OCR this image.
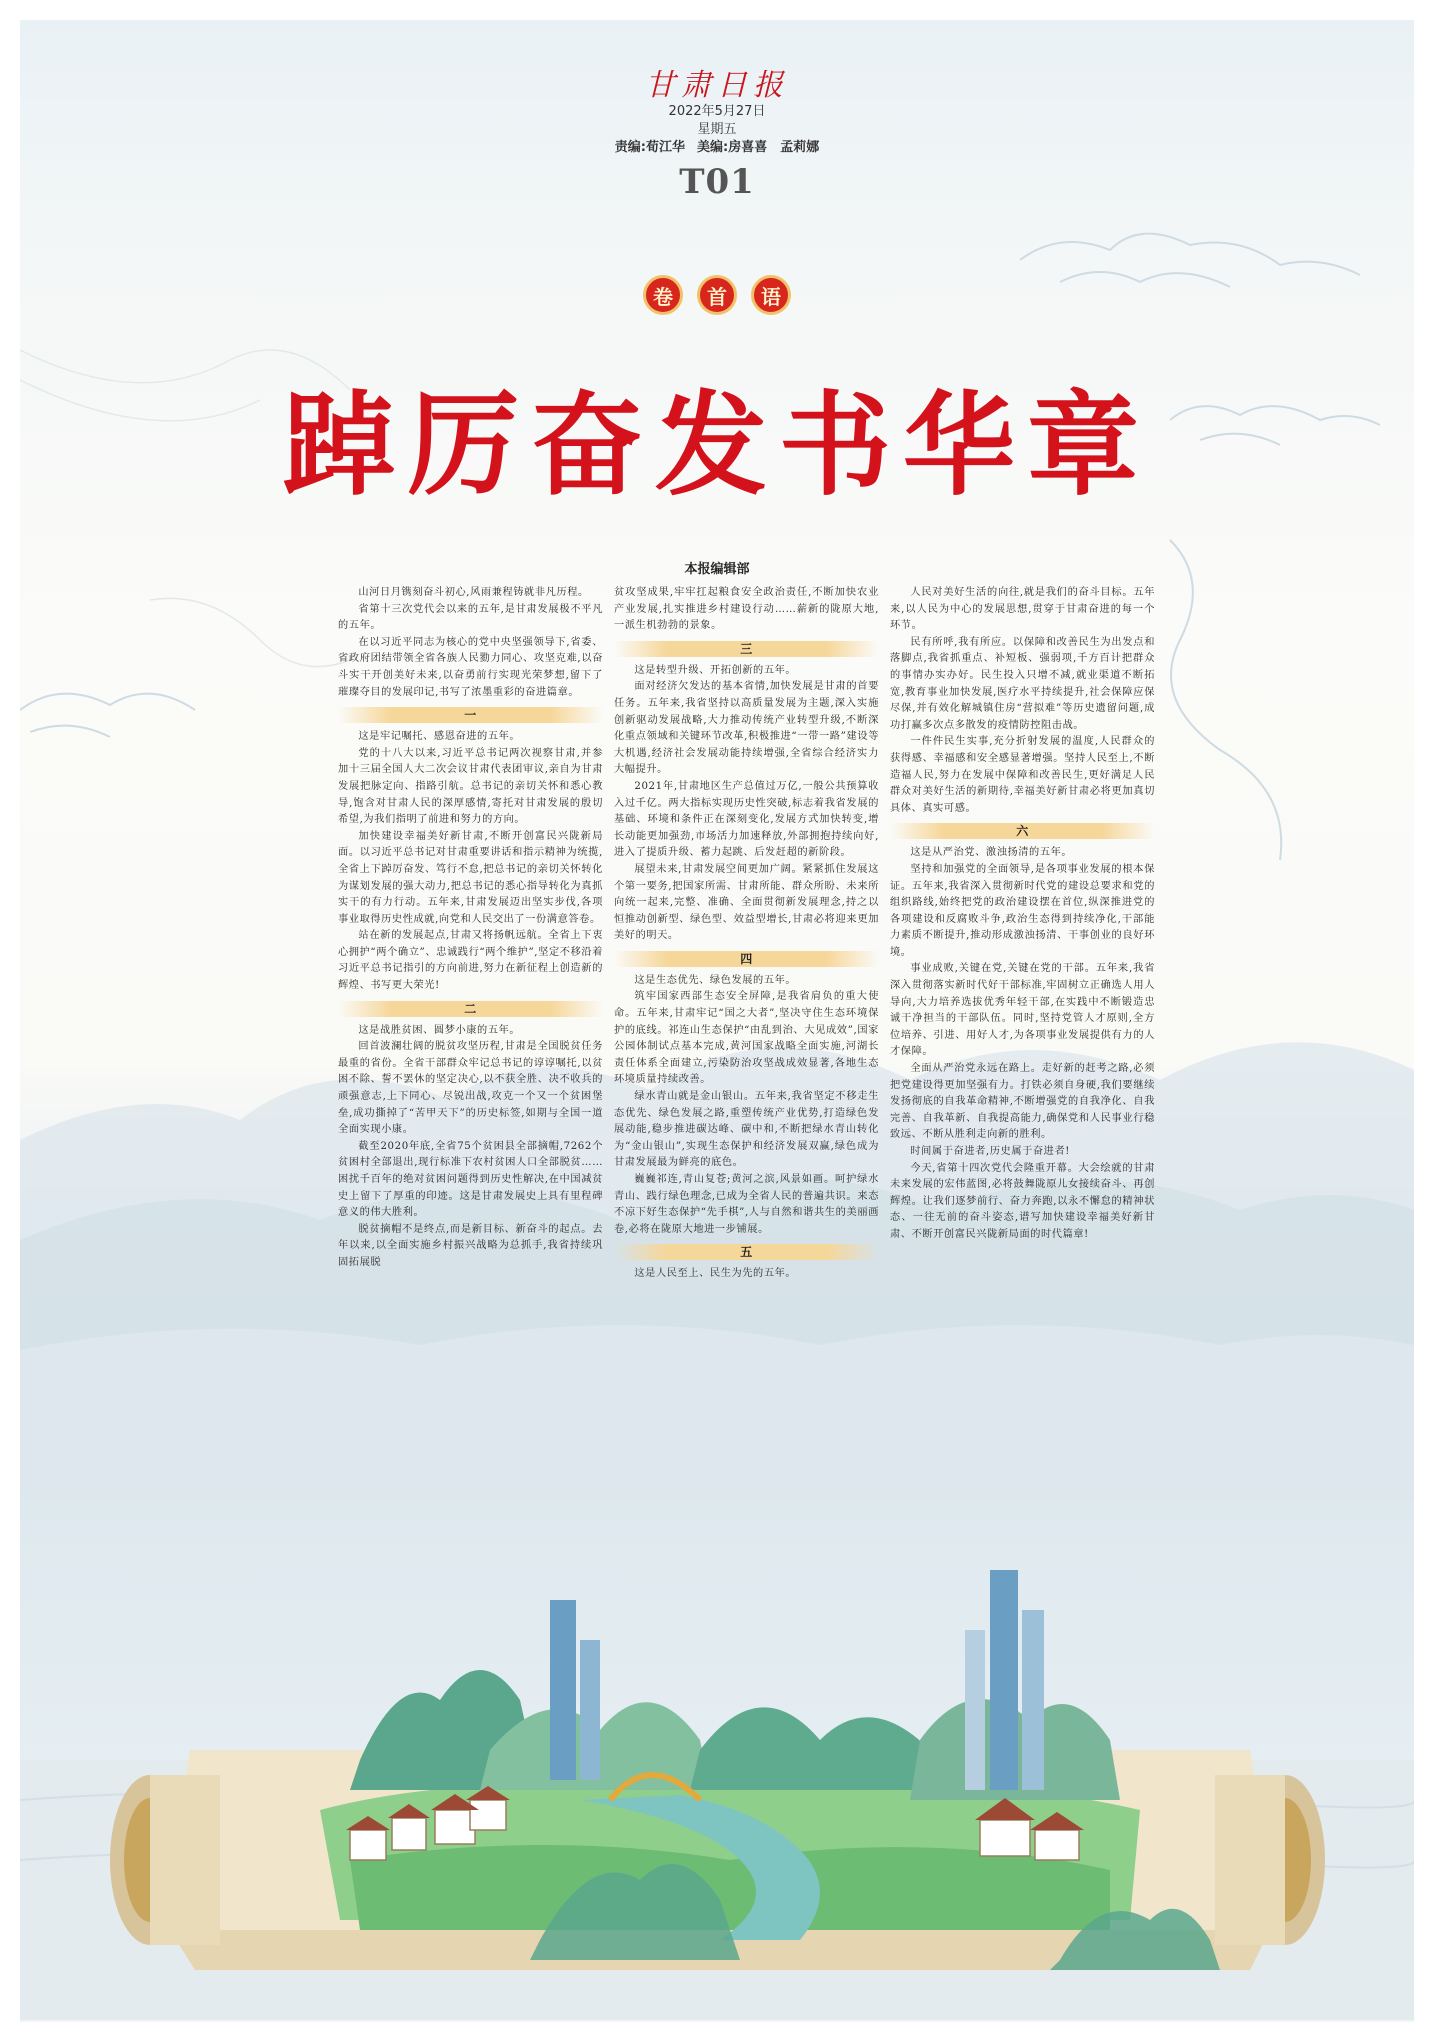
甘肃日报
2022年5月27日
星期五
责编:荀江华 美编:房喜喜　孟莉娜
T01
卷	首	语
踔厉奋发书华章
本报编辑部

山河日月镌刻奋斗初心,风雨兼程铸就非凡历程。

省第十三次党代会以来的五年,是甘肃发展极不平凡的五年。

在以习近平同志为核心的党中央坚强领导下,省委、省政府团结带领全省各族人民勠力同心、攻坚克难,以奋斗实干开创美好未来,以奋勇前行实现光荣梦想,留下了璀璨夺目的发展印记,书写了浓墨重彩的奋进篇章。

一

这是牢记嘱托、感恩奋进的五年。

党的十八大以来,习近平总书记两次视察甘肃,并参加十三届全国人大二次会议甘肃代表团审议,亲自为甘肃发展把脉定向、指路引航。总书记的亲切关怀和悉心教导,饱含对甘肃人民的深厚感情,寄托对甘肃发展的殷切希望,为我们指明了前进和努力的方向。

加快建设幸福美好新甘肃,不断开创富民兴陇新局面。以习近平总书记对甘肃重要讲话和指示精神为统揽,全省上下踔厉奋发、笃行不怠,把总书记的亲切关怀转化为谋划发展的强大动力,把总书记的悉心指导转化为真抓实干的有力行动。五年来,甘肃发展迈出坚实步伐,各项事业取得历史性成就,向党和人民交出了一份满意答卷。

站在新的发展起点,甘肃又将扬帆远航。全省上下衷心拥护“两个确立”、忠诚践行“两个维护”,坚定不移沿着习近平总书记指引的方向前进,努力在新征程上创造新的辉煌、书写更大荣光!

二

这是战胜贫困、圆梦小康的五年。

回首波澜壮阔的脱贫攻坚历程,甘肃是全国脱贫任务最重的省份。全省干部群众牢记总书记的谆谆嘱托,以贫困不除、誓不罢休的坚定决心,以不获全胜、决不收兵的顽强意志,上下同心、尽锐出战,攻克一个又一个贫困堡垒,成功撕掉了“苦甲天下”的历史标签,如期与全国一道全面实现小康。

截至2020年底,全省75个贫困县全部摘帽,7262个贫困村全部退出,现行标准下农村贫困人口全部脱贫……困扰千百年的绝对贫困问题得到历史性解决,在中国减贫史上留下了厚重的印迹。这是甘肃发展史上具有里程碑意义的伟大胜利。

脱贫摘帽不是终点,而是新目标、新奋斗的起点。去年以来,以全面实施乡村振兴战略为总抓手,我省持续巩固拓展脱

贫攻坚成果,牢牢扛起粮食安全政治责任,不断加快农业产业发展,扎实推进乡村建设行动……薪新的陇原大地,一派生机勃勃的景象。

三

这是转型升级、开拓创新的五年。

面对经济欠发达的基本省情,加快发展是甘肃的首要任务。五年来,我省坚持以高质量发展为主题,深入实施创新驱动发展战略,大力推动传统产业转型升级,不断深化重点领域和关键环节改革,积极推进“一带一路”建设等大机遇,经济社会发展动能持续增强,全省综合经济实力大幅提升。

2021年,甘肃地区生产总值过万亿,一般公共预算收入过千亿。两大指标实现历史性突破,标志着我省发展的基础、环境和条件正在深刻变化,发展方式加快转变,增长动能更加强劲,市场活力加速释放,外部拥抱持续向好,进入了提质升级、蓄力起跳、后发赶超的新阶段。

展望未来,甘肃发展空间更加广阔。紧紧抓住发展这个第一要务,把国家所需、甘肃所能、群众所盼、未来所向统一起来,完整、准确、全面贯彻新发展理念,持之以恒推动创新型、绿色型、效益型增长,甘肃必将迎来更加美好的明天。

四

这是生态优先、绿色发展的五年。

筑牢国家西部生态安全屏障,是我省肩负的重大使命。五年来,甘肃牢记“国之大者”,坚决守住生态环境保护的底线。祁连山生态保护“由乱到治、大见成效”,国家公园体制试点基本完成,黄河国家战略全面实施,河湖长责任体系全面建立,污染防治攻坚战成效显著,各地生态环境质量持续改善。

绿水青山就是金山银山。五年来,我省坚定不移走生态优先、绿色发展之路,重塑传统产业优势,打造绿色发展动能,稳步推进碳达峰、碳中和,不断把绿水青山转化为“金山银山”,实现生态保护和经济发展双赢,绿色成为甘肃发展最为鲜亮的底色。

巍巍祁连,青山复苍;黄河之滨,风景如画。呵护绿水青山、践行绿色理念,已成为全省人民的普遍共识。来态不凉下好生态保护“先手棋”,人与自然和谐共生的美丽画卷,必将在陇原大地进一步铺展。

五

这是人民至上、民生为先的五年。

人民对美好生活的向往,就是我们的奋斗目标。五年来,以人民为中心的发展思想,贯穿于甘肃奋进的每一个环节。

民有所呼,我有所应。以保障和改善民生为出发点和落脚点,我省抓重点、补短板、强弱项,千方百计把群众的事情办实办好。民生投入只增不减,就业渠道不断拓宽,教育事业加快发展,医疗水平持续提升,社会保障应保尽保,并有效化解城镇住房“营拟难”等历史遗留问题,成功打赢多次点多散发的疫情防控阻击战。

一件件民生实事,充分折射发展的温度,人民群众的获得感、幸福感和安全感显著增强。坚持人民至上,不断造福人民,努力在发展中保障和改善民生,更好满足人民群众对美好生活的新期待,幸福美好新甘肃必将更加真切具体、真实可感。

六

这是从严治党、激浊扬清的五年。

坚持和加强党的全面领导,是各项事业发展的根本保证。五年来,我省深入贯彻新时代党的建设总要求和党的组织路线,始终把党的政治建设摆在首位,纵深推进党的各项建设和反腐败斗争,政治生态得到持续净化,干部能力素质不断提升,推动形成激浊扬清、干事创业的良好环境。

事业成败,关键在党,关键在党的干部。五年来,我省深入贯彻落实新时代好干部标准,牢固树立正确选人用人导向,大力培养选拔优秀年轻干部,在实践中不断锻造忠诚干净担当的干部队伍。同时,坚持党管人才原则,全方位培养、引进、用好人才,为各项事业发展提供有力的人才保障。

全面从严治党永远在路上。走好新的赶考之路,必须把党建设得更加坚强有力。打铁必须自身硬,我们要继续发扬彻底的自我革命精神,不断增强党的自我净化、自我完善、自我革新、自我提高能力,确保党和人民事业行稳致远、不断从胜利走向新的胜利。

时间属于奋进者,历史属于奋进者!

今天,省第十四次党代会隆重开幕。大会绘就的甘肃未来发展的宏伟蓝图,必将鼓舞陇原儿女接续奋斗、再创辉煌。让我们逐梦前行、奋力奔跑,以永不懈怠的精神状态、一往无前的奋斗姿态,谱写加快建设幸福美好新甘肃、不断开创富民兴陇新局面的时代篇章!
